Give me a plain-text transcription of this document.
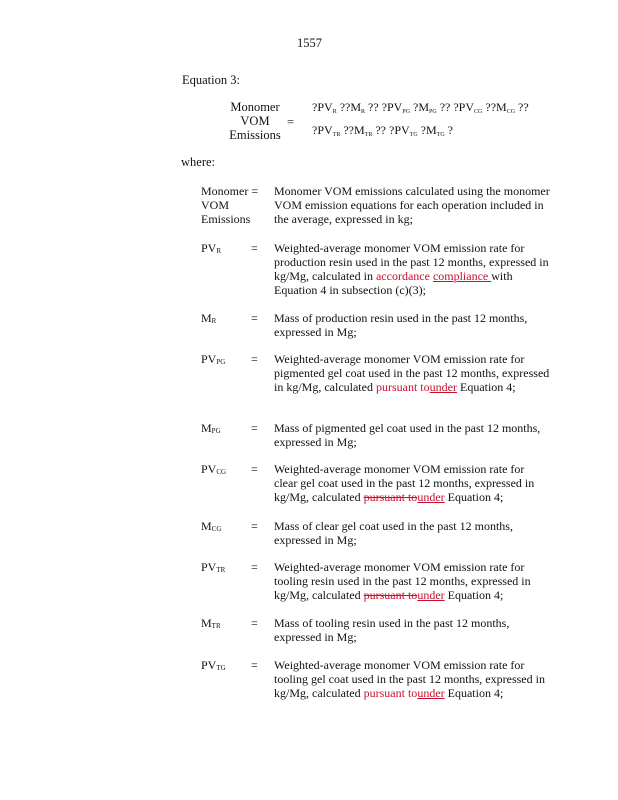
1557
Equation 3:
Monomer
VOM
Emissions
=
$?PV_R$ $??M_R$ ?? $?PV_{PG}$ $?M_{PG}$ ?? $?PV_{CG}$ $??M_{CG}$ ??
$?PV_{TR}$ $??M_{TR}$ ?? $?PV_{TG}$ $?M_{TG}$ ?
where:
Monomer =
VOM
Emissions
Monomer VOM emissions calculated using the monomer VOM emission equations for each operation included in the average, expressed in kg;
$PV_R$ = Weighted-average monomer VOM emission rate for production resin used in the past 12 months, expressed in kg/Mg, calculated in accordance compliance with Equation 4 in subsection (c)(3);
$M_R$	= Mass of production resin used in the past 12 months, expressed in Mg;
$PV_{PG}$ = Weighted-average monomer VOM emission rate for pigmented gel coat used in the past 12 months, expressed in kg/Mg, calculated pursuant tounder Equation 4;
$M_{PG}$	= Mass of pigmented gel coat used in the past 12 months, expressed in Mg;
$PV_{CG}$ = Weighted-average monomer VOM emission rate for clear gel coat used in the past 12 months, expressed in kg/Mg, calculated pursuant tounder Equation 4;
$M_{CG}$ = Mass of clear gel coat used in the past 12 months, expressed in Mg;
$PV_{TR}$ = Weighted-average monomer VOM emission rate for tooling resin used in the past 12 months, expressed in kg/Mg, calculated pursuant tounder Equation 4;
$M_{TR}$	= Mass of tooling resin used in the past 12 months, expressed in Mg;
$PV_{TG}$ = Weighted-average monomer VOM emission rate for tooling gel coat used in the past 12 months, expressed in kg/Mg, calculated pursuant tounder Equation 4;
